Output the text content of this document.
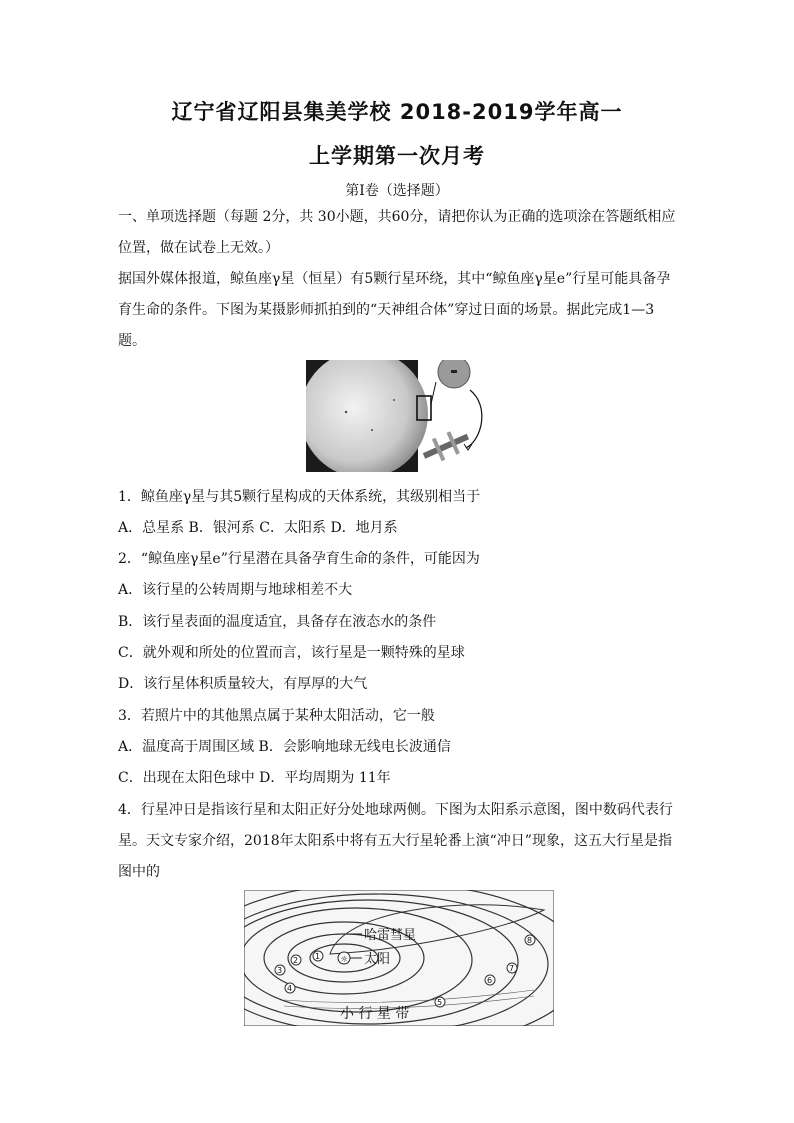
辽宁省辽阳县集美学校 2018-2019学年高一
上学期第一次月考
第Ⅰ卷（选择题）
一、单项选择题（每题 2分，共 30小题，共60分，请把你认为正确的选项涂在答题纸相应位置，做在试卷上无效。）
据国外媒体报道，鲸鱼座γ星（恒星）有5颗行星环绕，其中“鲸鱼座γ星e”行星可能具备孕育生命的条件。下图为某摄影师抓拍到的“天神组合体”穿过日面的场景。据此完成1—3题。
1．鲸鱼座γ星与其5颗行星构成的天体系统，其级别相当于
A．总星系 B．银河系 C．太阳系 D．地月系
2．“鲸鱼座γ星e”行星潜在具备孕育生命的条件，可能因为
A．该行星的公转周期与地球相差不大
B．该行星表面的温度适宜，具备存在液态水的条件
C．就外观和所处的位置而言，该行星是一颗特殊的星球
D．该行星体积质量较大，有厚厚的大气
3．若照片中的其他黑点属于某种太阳活动，它一般
A．温度高于周围区域 B．会影响地球无线电长波通信
C．出现在太阳色球中 D．平均周期为 11年
4．行星冲日是指该行星和太阳正好分处地球两侧。下图为太阳系示意图，图中数码代表行星。天文专家介绍，2018年太阳系中将有五大行星轮番上演“冲日”现象，这五大行星是指图中的
☼ 太阳
哈雷彗星
小 行 星 带
1
2
3
4
5
6
7
8
